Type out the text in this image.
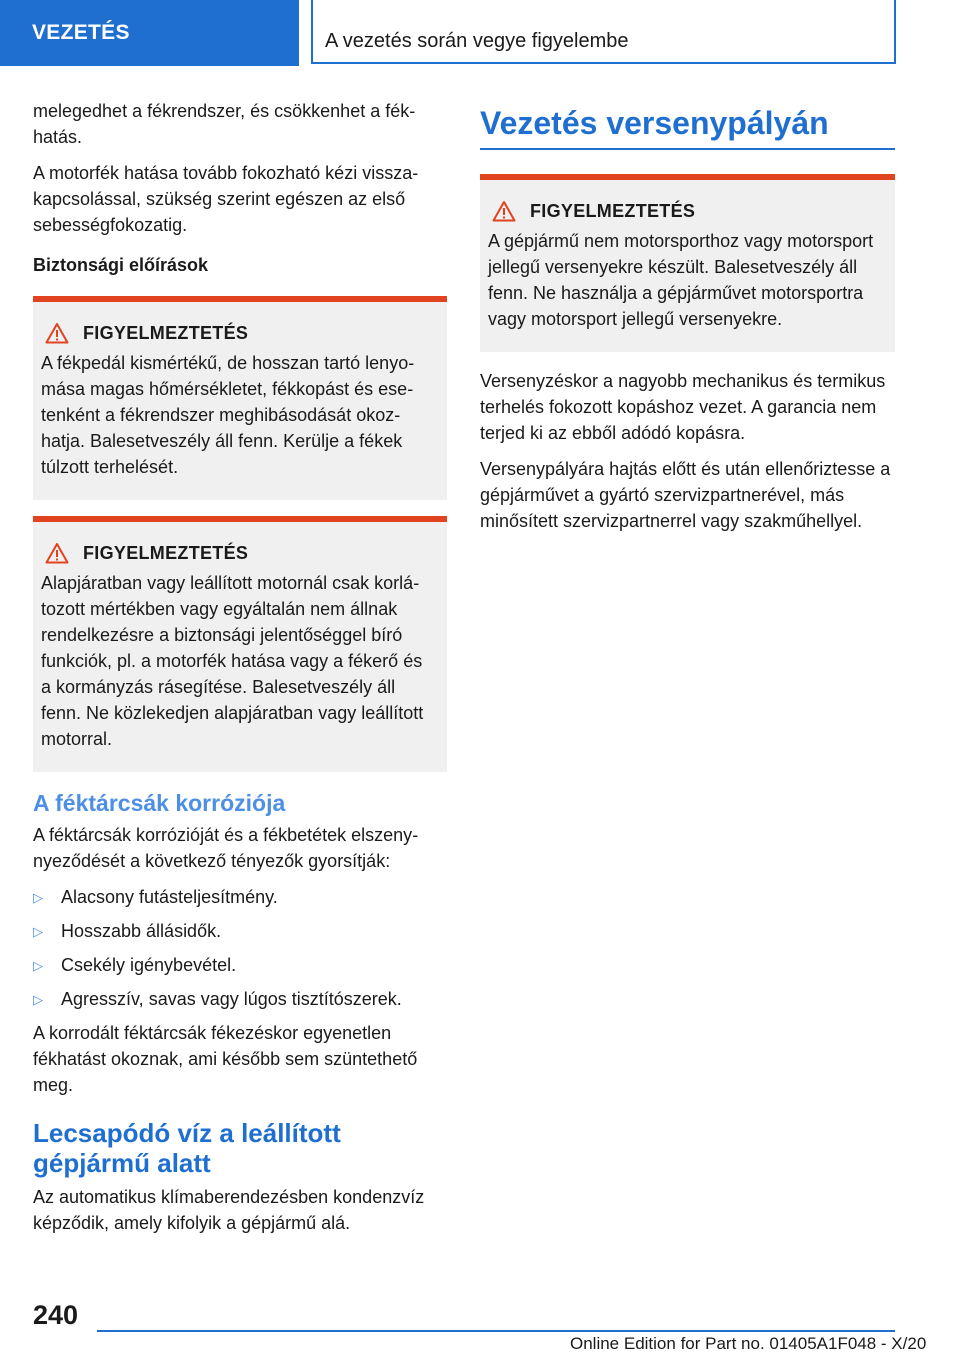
VEZETÉS	A vezetés során vegye figyelembe

melegedhet a fékrendszer, és csökkenhet a fékhatás.

A motorfék hatása tovább fokozható kézi visszakapcsolással, szükség szerint egészen az első sebességfokozatig.

Biztonsági előírások
FIGYELMEZTETÉS
A fékpedál kismértékű, de hosszan tartó lenyomása magas hőmérsékletet, fékkopást és esetenként a fékrendszer meghibásodását okozhatja. Balesetveszély áll fenn. Kerülje a fékek túlzott terhelését.
FIGYELMEZTETÉS
Alapjáratban vagy leállított motornál csak korlátozott mértékben vagy egyáltalán nem állnak rendelkezésre a biztonsági jelentőséggel bíró funkciók, pl. a motorfék hatása vagy a fékerő és a kormányzás rásegítése. Balesetveszély áll fenn. Ne közlekedjen alapjáratban vagy leállított motorral.
A féktárcsák korróziója

A féktárcsák korrózióját és a fékbetétek elszenynyeződését a következő tényezők gyorsítják:

▷	Alacsony futásteljesítmény.
▷	Hosszabb állásidők.
▷	Csekély igénybevétel.
▷	Agresszív, savas vagy lúgos tisztítószerek.

A korrodált féktárcsák fékezéskor egyenetlen fékhatást okoznak, ami később sem szüntethető meg.

Lecsapódó víz a leállított gépjármű alatt

Az automatikus klímaberendezésben kondenzvíz képződik, amely kifolyik a gépjármű alá.

Vezetés versenypályán
FIGYELMEZTETÉS
A gépjármű nem motorsporthoz vagy motorsport jellegű versenyekre készült. Balesetveszély áll fenn. Ne használja a gépjárművet motorsportra vagy motorsport jellegű versenyekre.

Versenyzéskor a nagyobb mechanikus és termikus terhelés fokozott kopáshoz vezet. A garancia nem terjed ki az ebből adódó kopásra.

Versenypályára hajtás előtt és után ellenőriztesse a gépjárművet a gyártó szervizpartnerével, más minősített szervizpartnerrel vagy szakműhellyel.

240
Online Edition for Part no. 01405A1F048 - X/20
